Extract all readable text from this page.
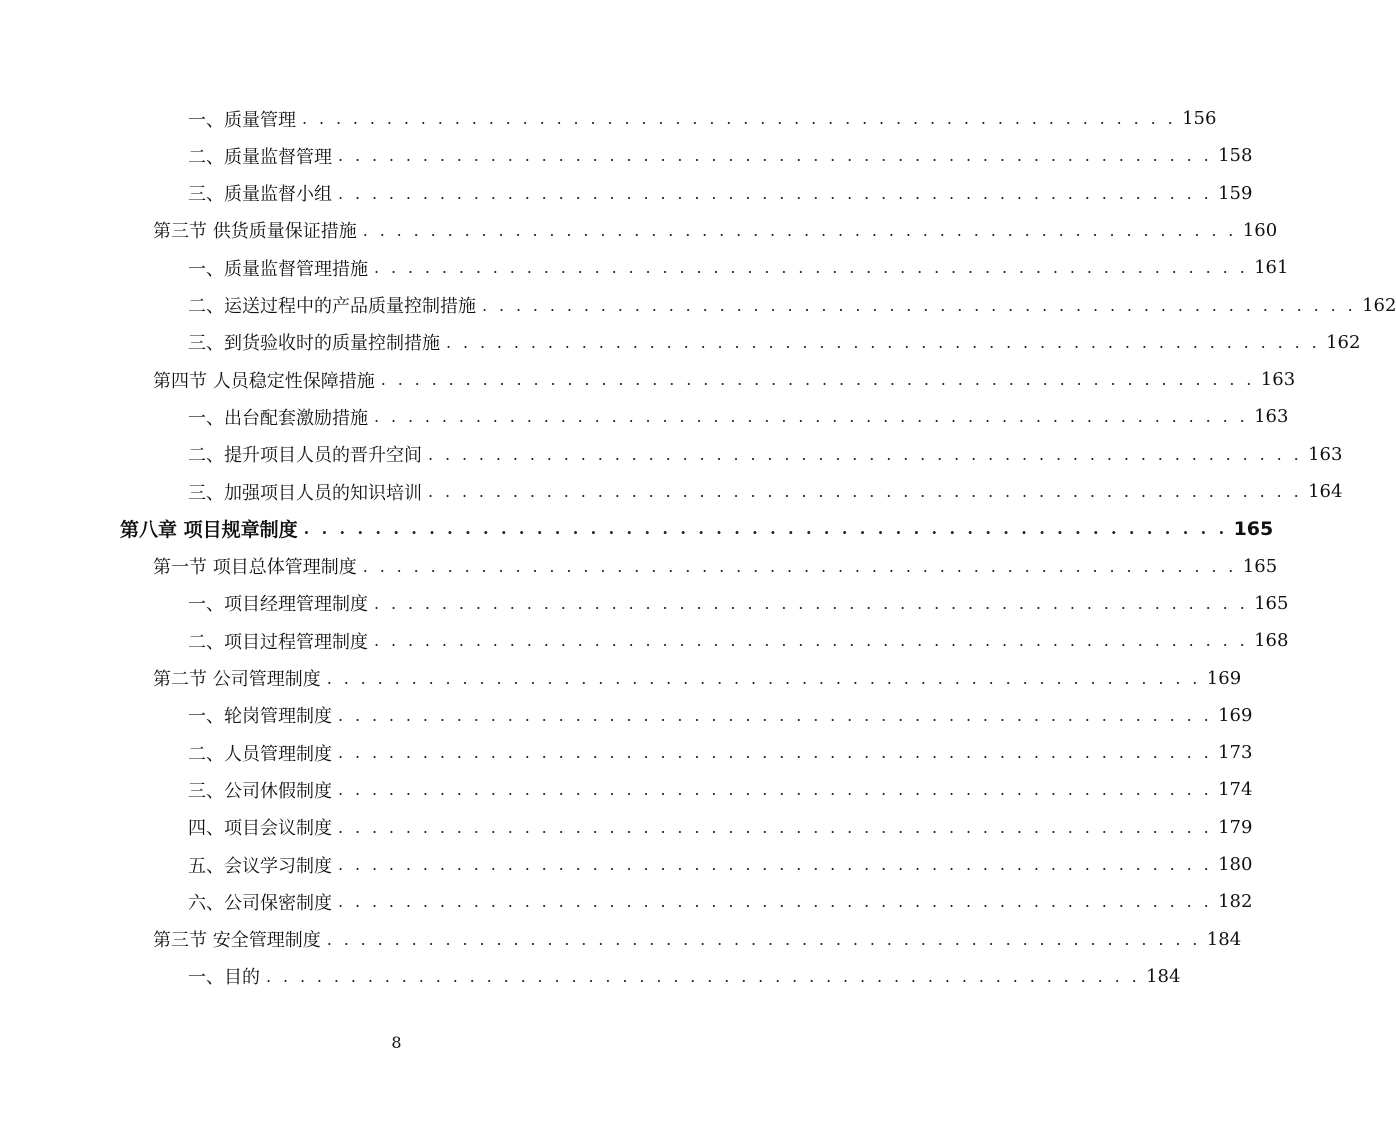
一、质量管理 . . . . . . . . . . . . . . . . . . . . . . . . . . . . . . . . . . . . . . . . . . . . . . . . . . . . 156
二、质量监督管理 . . . . . . . . . . . . . . . . . . . . . . . . . . . . . . . . . . . . . . . . . . . . . . . . . . . . 158
三、质量监督小组 . . . . . . . . . . . . . . . . . . . . . . . . . . . . . . . . . . . . . . . . . . . . . . . . . . . . 159
第三节 供货质量保证措施 . . . . . . . . . . . . . . . . . . . . . . . . . . . . . . . . . . . . . . . . . . . . . . . . . . . . 160
一、质量监督管理措施 . . . . . . . . . . . . . . . . . . . . . . . . . . . . . . . . . . . . . . . . . . . . . . . . . . . . 161
二、运送过程中的产品质量控制措施 . . . . . . . . . . . . . . . . . . . . . . . . . . . . . . . . . . . . . . . . . . . . . . . . . . . . 162
三、到货验收时的质量控制措施 . . . . . . . . . . . . . . . . . . . . . . . . . . . . . . . . . . . . . . . . . . . . . . . . . . . . 162
第四节 人员稳定性保障措施 . . . . . . . . . . . . . . . . . . . . . . . . . . . . . . . . . . . . . . . . . . . . . . . . . . . . 163
一、出台配套激励措施 . . . . . . . . . . . . . . . . . . . . . . . . . . . . . . . . . . . . . . . . . . . . . . . . . . . . 163
二、提升项目人员的晋升空间 . . . . . . . . . . . . . . . . . . . . . . . . . . . . . . . . . . . . . . . . . . . . . . . . . . . . 163
三、加强项目人员的知识培训 . . . . . . . . . . . . . . . . . . . . . . . . . . . . . . . . . . . . . . . . . . . . . . . . . . . . 164
第八章 项目规章制度 . . . . . . . . . . . . . . . . . . . . . . . . . . . . . . . . . . . . . . . . . . . . . . . . . . . . 165
第一节 项目总体管理制度 . . . . . . . . . . . . . . . . . . . . . . . . . . . . . . . . . . . . . . . . . . . . . . . . . . . . 165
一、项目经理管理制度 . . . . . . . . . . . . . . . . . . . . . . . . . . . . . . . . . . . . . . . . . . . . . . . . . . . . 165
二、项目过程管理制度 . . . . . . . . . . . . . . . . . . . . . . . . . . . . . . . . . . . . . . . . . . . . . . . . . . . . 168
第二节 公司管理制度 . . . . . . . . . . . . . . . . . . . . . . . . . . . . . . . . . . . . . . . . . . . . . . . . . . . . 169
一、轮岗管理制度 . . . . . . . . . . . . . . . . . . . . . . . . . . . . . . . . . . . . . . . . . . . . . . . . . . . . 169
二、人员管理制度 . . . . . . . . . . . . . . . . . . . . . . . . . . . . . . . . . . . . . . . . . . . . . . . . . . . . 173
三、公司休假制度 . . . . . . . . . . . . . . . . . . . . . . . . . . . . . . . . . . . . . . . . . . . . . . . . . . . . 174
四、项目会议制度 . . . . . . . . . . . . . . . . . . . . . . . . . . . . . . . . . . . . . . . . . . . . . . . . . . . . 179
五、会议学习制度 . . . . . . . . . . . . . . . . . . . . . . . . . . . . . . . . . . . . . . . . . . . . . . . . . . . . 180
六、公司保密制度 . . . . . . . . . . . . . . . . . . . . . . . . . . . . . . . . . . . . . . . . . . . . . . . . . . . . 182
第三节 安全管理制度 . . . . . . . . . . . . . . . . . . . . . . . . . . . . . . . . . . . . . . . . . . . . . . . . . . . . 184
一、目的 . . . . . . . . . . . . . . . . . . . . . . . . . . . . . . . . . . . . . . . . . . . . . . . . . . . . 184
8
